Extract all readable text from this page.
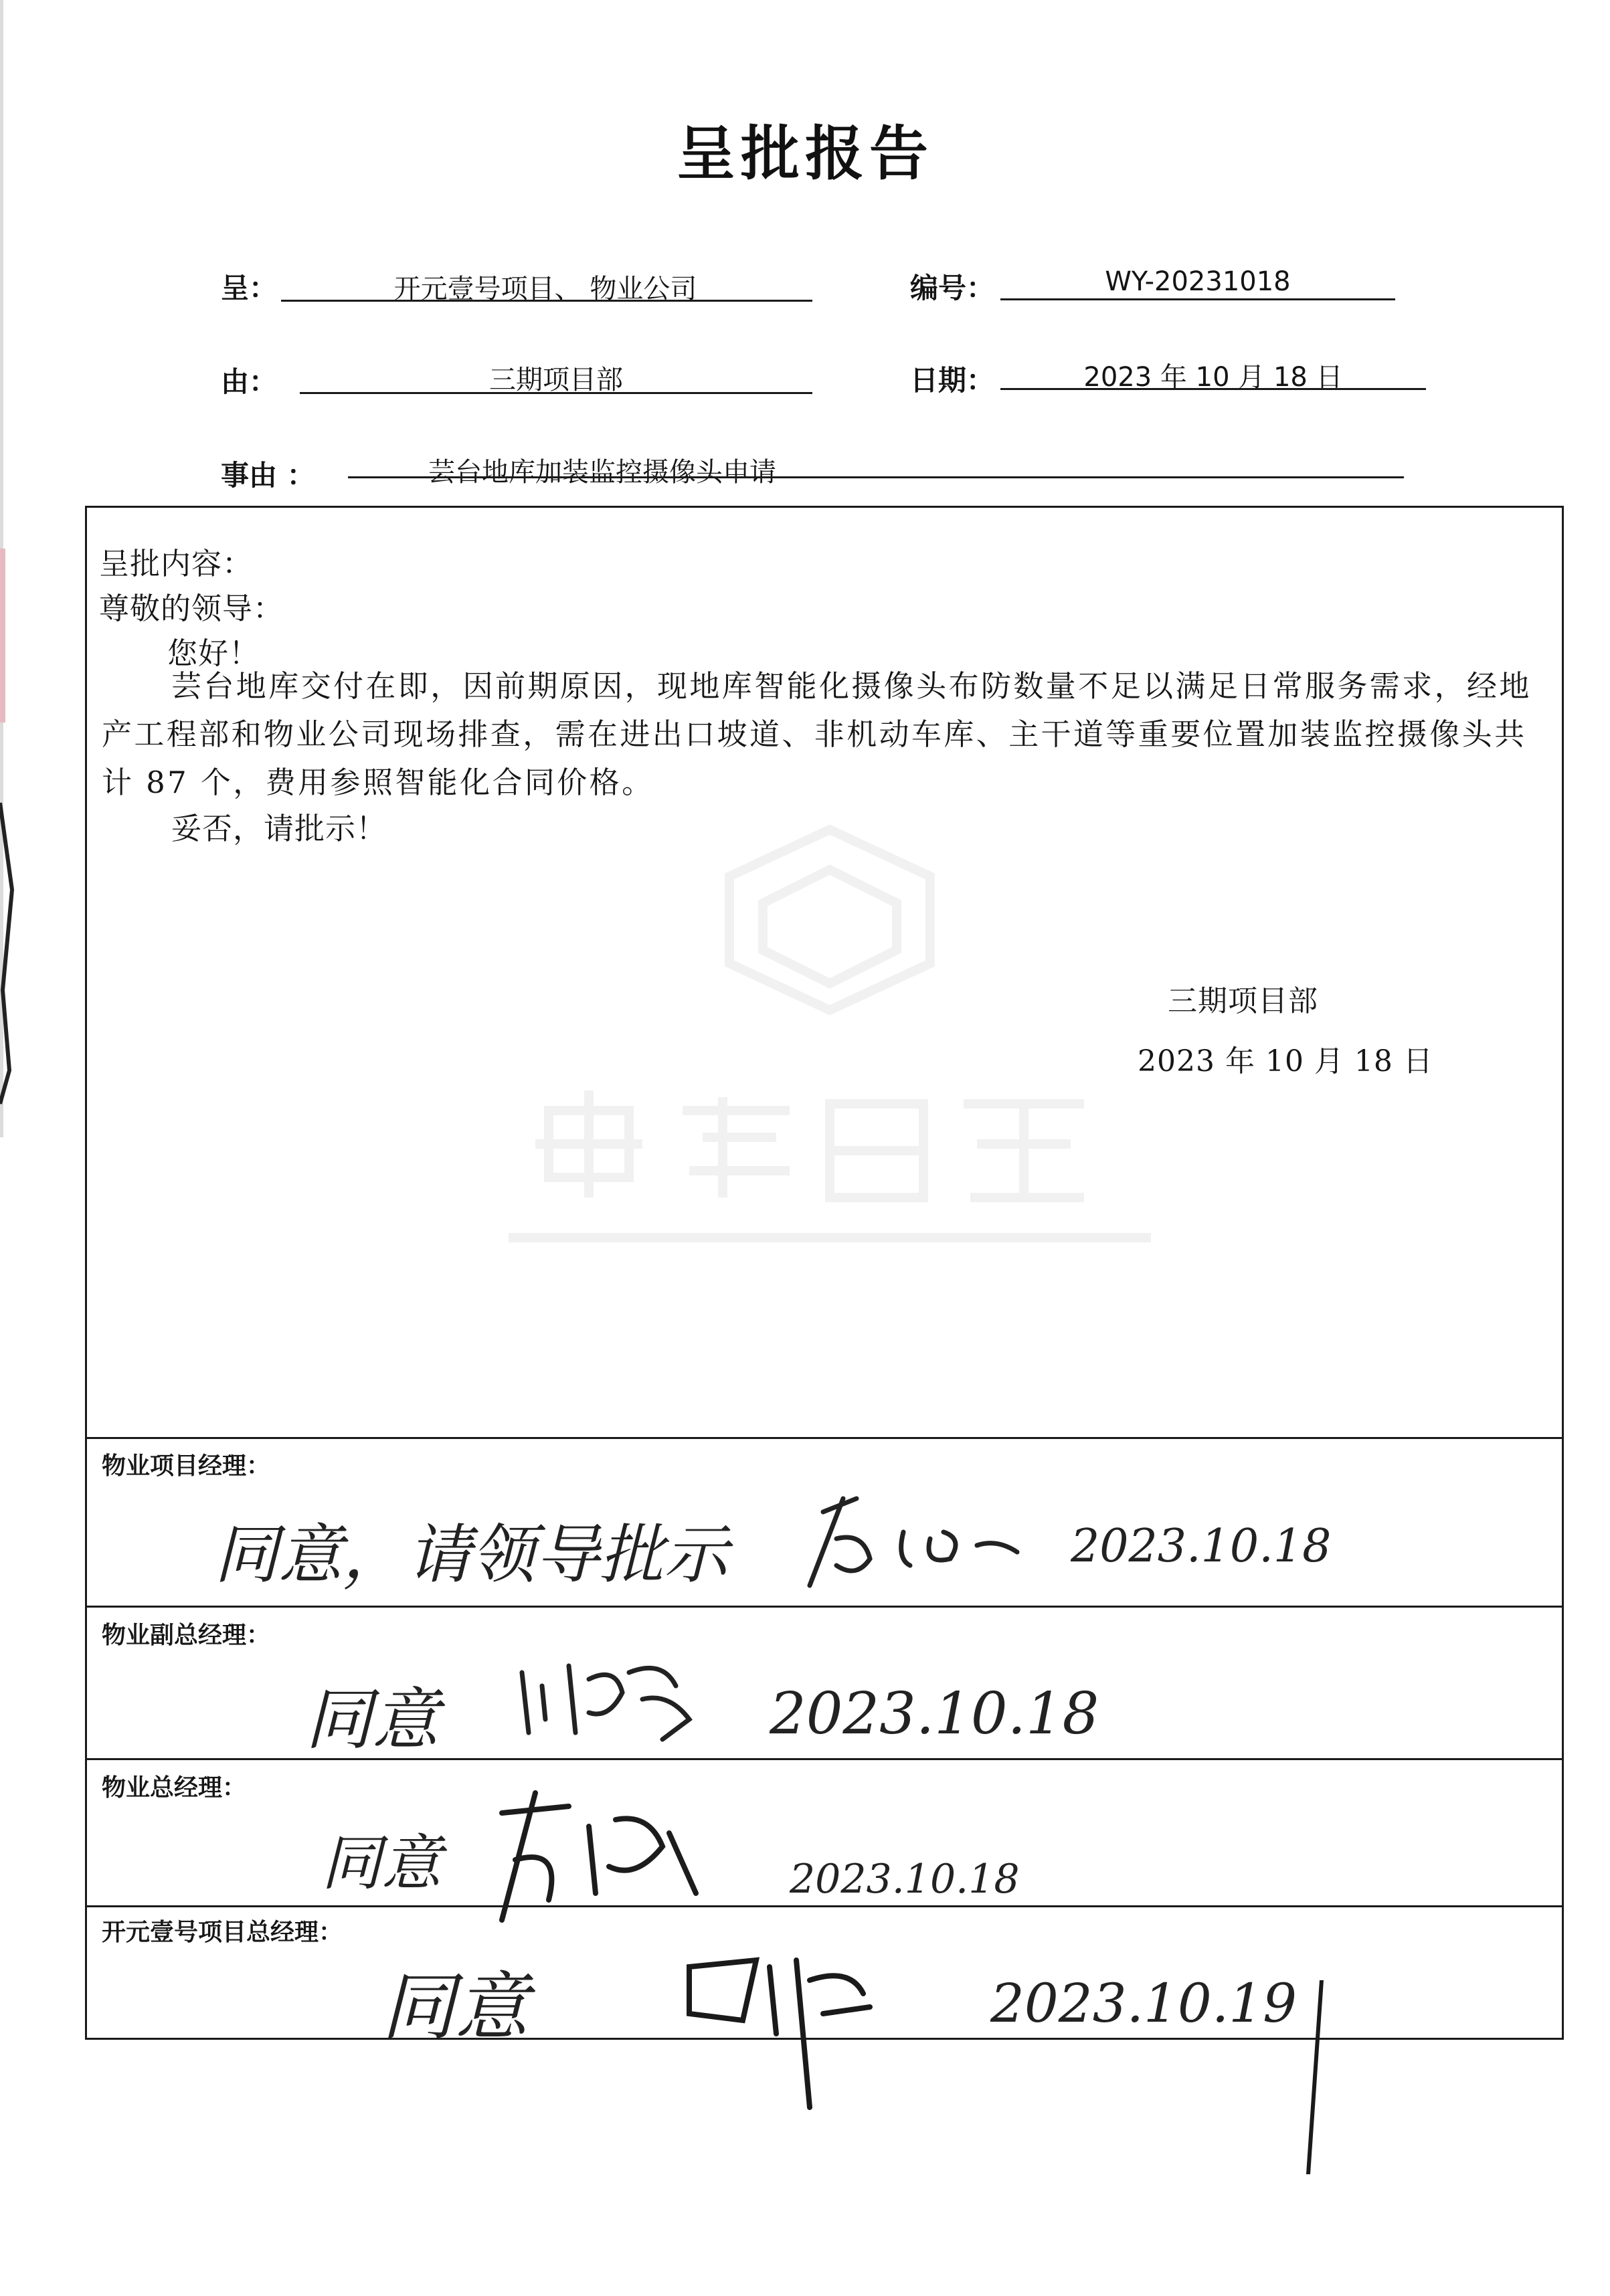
呈批报告
呈：	开元壹号项目、 物业公司	编号：	WY-20231018
由：	三期项目部	日期：	2023 年 10 月 18 日
事由 ：	芸台地库加装监控摄像头申请
呈批内容：
尊敬的领导：
您好！
芸台地库交付在即，因前期原因，现地库智能化摄像头布防数量不足以满足日常服务需求，经地产工程部和物业公司现场排查，需在进出口坡道、非机动车库、主干道等重要位置加装监控摄像头共计 87 个，费用参照智能化合同价格。
妥否，请批示！
三期项目部
2023 年 10 月 18 日
物业项目经理：
同意，请领导批示	2023.10.18
物业副总经理：
同意	2023.10.18
物业总经理：
同意	2023.10.18
开元壹号项目总经理：
同意	2023.10.19
